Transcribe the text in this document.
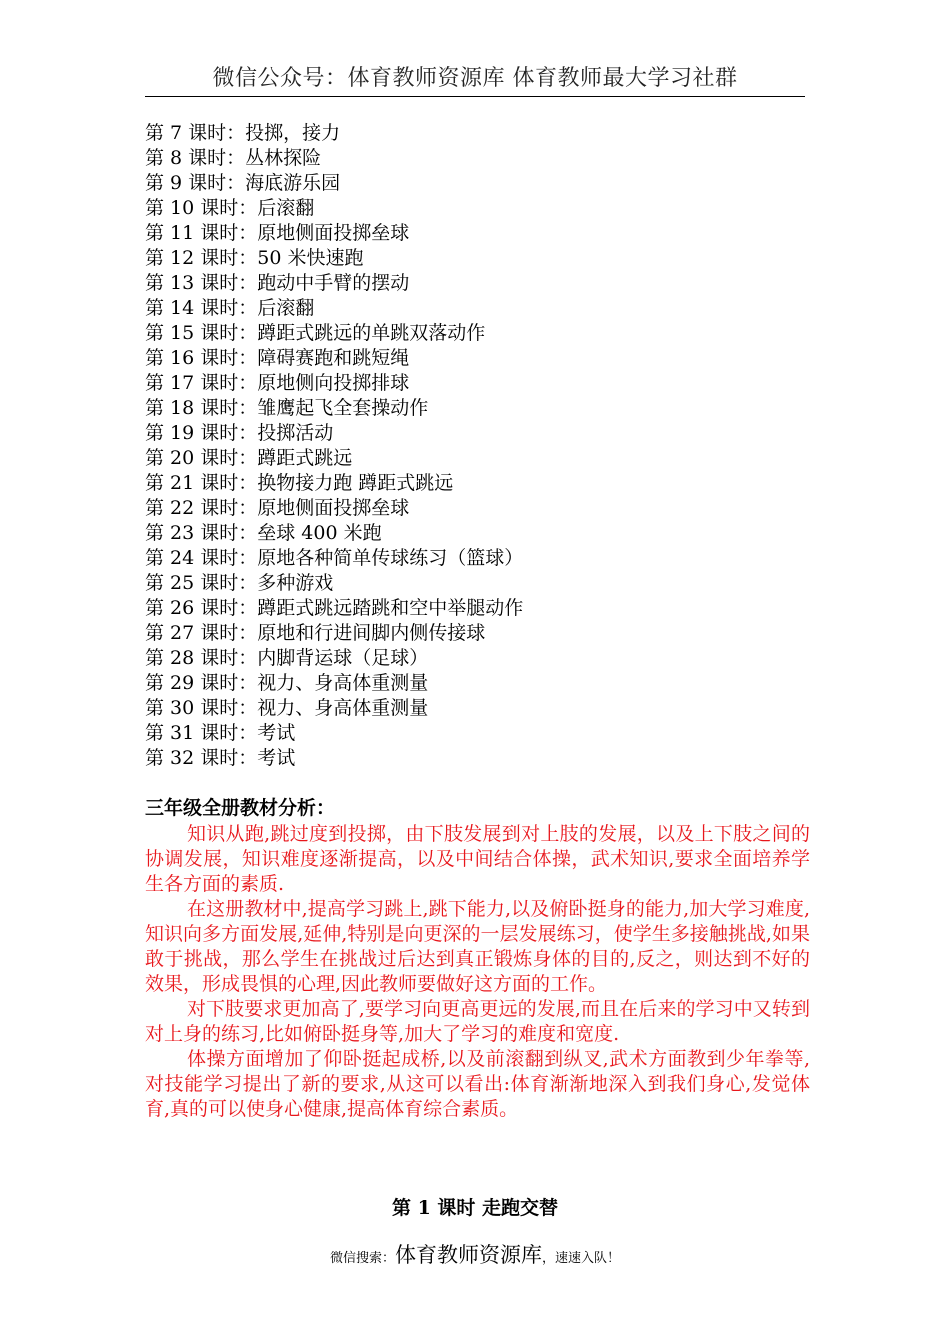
微信公众号：体育教师资源库 体育教师最大学习社群
第 7 课时：投掷，接力
第 8 课时：丛林探险
第 9 课时：海底游乐园
第 10 课时：后滚翻
第 11 课时：原地侧面投掷垒球
第 12 课时：50 米快速跑
第 13 课时：跑动中手臂的摆动
第 14 课时：后滚翻
第 15 课时：蹲距式跳远的单跳双落动作
第 16 课时：障碍赛跑和跳短绳
第 17 课时：原地侧向投掷排球
第 18 课时：雏鹰起飞全套操动作
第 19 课时：投掷活动
第 20 课时：蹲距式跳远
第 21 课时：换物接力跑 蹲距式跳远
第 22 课时：原地侧面投掷垒球
第 23 课时：垒球 400 米跑
第 24 课时：原地各种简单传球练习（篮球）
第 25 课时：多种游戏
第 26 课时：蹲距式跳远踏跳和空中举腿动作
第 27 课时：原地和行进间脚内侧传接球
第 28 课时：内脚背运球（足球）
第 29 课时：视力、身高体重测量
第 30 课时：视力、身高体重测量
第 31 课时：考试
第 32 课时：考试
三年级全册教材分析：

知识从跑,跳过度到投掷，由下肢发展到对上肢的发展，以及上下肢之间的协调发展，知识难度逐渐提高，以及中间结合体操，武术知识,要求全面培养学生各方面的素质.

在这册教材中,提高学习跳上,跳下能力,以及俯卧挺身的能力,加大学习难度,知识向多方面发展,延伸,特别是向更深的一层发展练习，使学生多接触挑战,如果敢于挑战，那么学生在挑战过后达到真正锻炼身体的目的,反之，则达到不好的效果，形成畏惧的心理,因此教师要做好这方面的工作。

对下肢要求更加高了,要学习向更高更远的发展,而且在后来的学习中又转到对上身的练习,比如俯卧挺身等,加大了学习的难度和宽度.

体操方面增加了仰卧挺起成桥,以及前滚翻到纵叉,武术方面教到少年拳等,对技能学习提出了新的要求,从这可以看出:体育渐渐地深入到我们身心,发觉体育,真的可以使身心健康,提高体育综合素质。

第 1 课时 走跑交替
微信搜索：体育教师资源库，速速入队！
